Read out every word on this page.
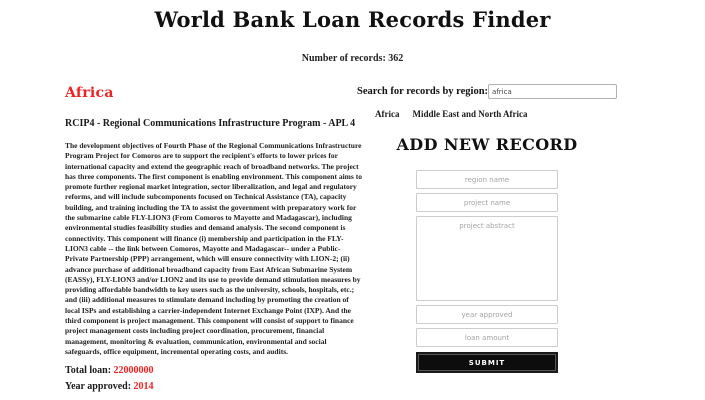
World Bank Loan Records Finder
Number of records: 362
Africa
RCIP4 - Regional Communications Infrastructure Program - APL 4

The development objectives of Fourth Phase of the Regional Communications Infrastructure Program Project for Comoros are to support the recipient's efforts to lower prices for international capacity and extend the geographic reach of broadband networks. The project has three components. The first component is enabling environment. This component aims to promote further regional market integration, sector liberalization, and legal and regulatory reforms, and will include subcomponents focused on Technical Assistance (TA), capacity building, and training including the TA to assist the government with preparatory work for the submarine cable FLY-LION3 (From Comoros to Mayotte and Madagascar), including environmental studies feasibility studies and demand analysis. The second component is connectivity. This component will finance (i) membership and participation in the FLY-LION3 cable -- the link between Comoros, Mayotte and Madagascar-- under a Public-Private Partnership (PPP) arrangement, which will ensure connectivity with LION-2; (ii) advance purchase of additional broadband capacity from East African Submarine System (EASSy), FLY-LION3 and/or LION2 and its use to provide demand stimulation measures by providing affordable bandwidth to key users such as the university, schools, hospitals, etc.; and (iii) additional measures to stimulate demand including by promoting the creation of local ISPs and establishing a carrier-independent Internet Exchange Point (IXP). And the third component is project management. This component will consist of support to finance project management costs including project coordination, procurement, financial management, monitoring & evaluation, communication, environmental and social safeguards, office equipment, incremental operating costs, and audits.

Total loan: 22000000

Year approved: 2014

Search for records by region:
africa
Africa Middle East and North Africa
ADD NEW RECORD
region name
project name
project abstract
year approved
loan amount
SUBMIT
